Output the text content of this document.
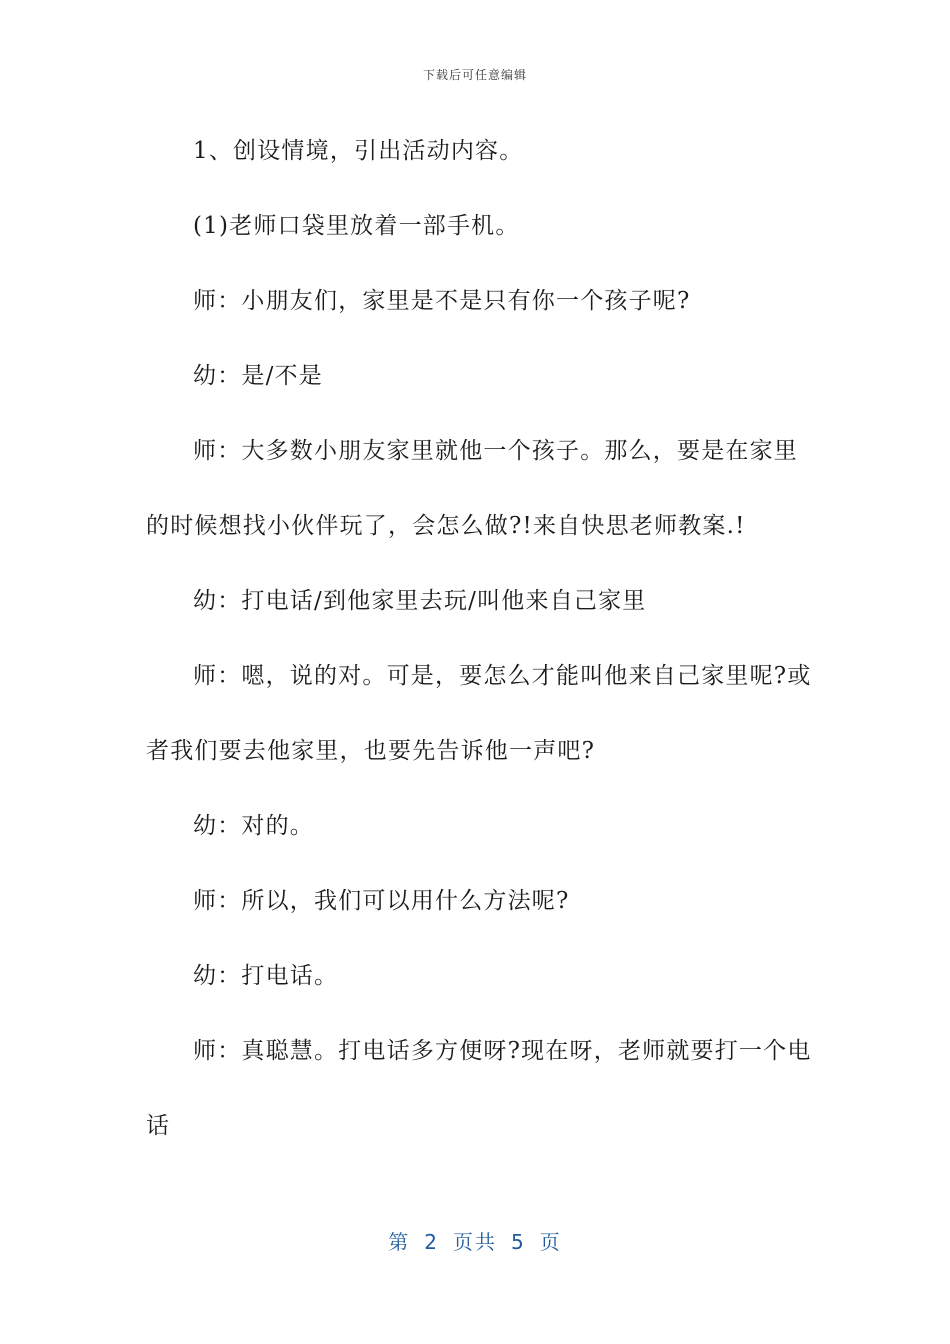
下载后可任意编辑
1、创设情境，引出活动内容。
(1)老师口袋里放着一部手机。
师：小朋友们，家里是不是只有你一个孩子呢?
幼：是/不是
师：大多数小朋友家里就他一个孩子。那么，要是在家里
的时候想找小伙伴玩了，会怎么做?!来自快思老师教案.!
幼：打电话/到他家里去玩/叫他来自己家里
师：嗯，说的对。可是，要怎么才能叫他来自己家里呢?或
者我们要去他家里，也要先告诉他一声吧?
幼：对的。
师：所以，我们可以用什么方法呢?
幼：打电话。
师：真聪慧。打电话多方便呀?现在呀，老师就要打一个电
话
第 2 页共 5 页
